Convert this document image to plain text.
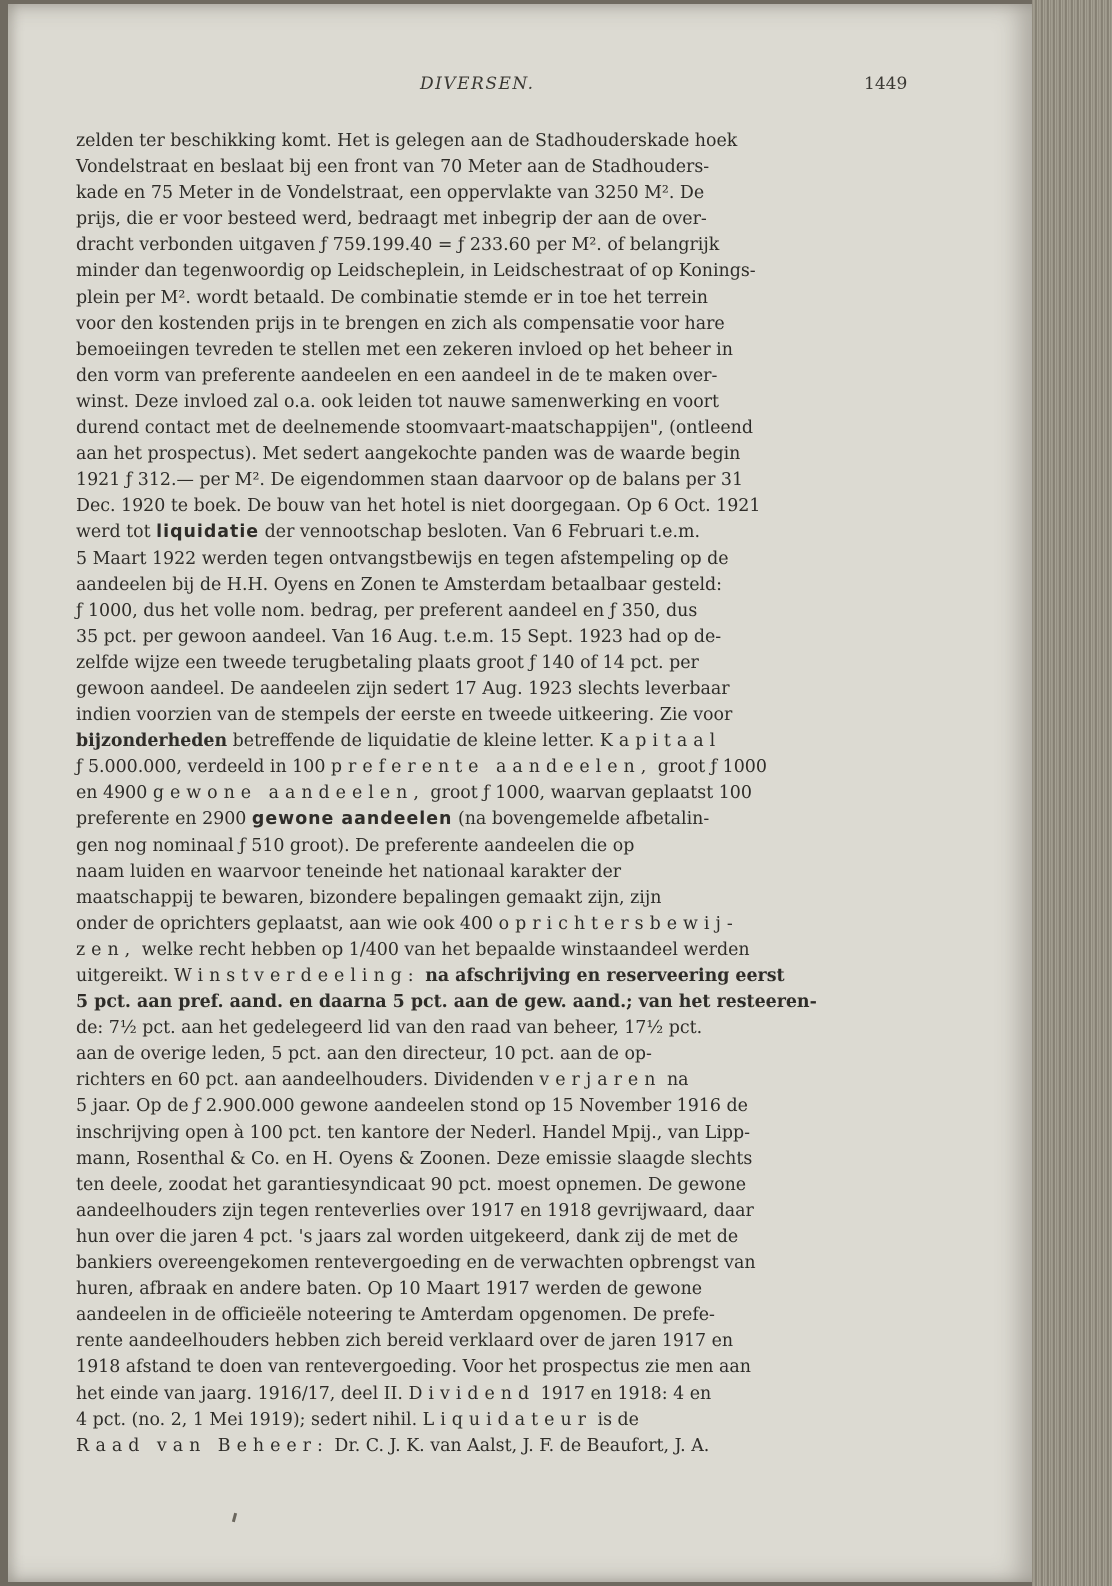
DIVERSEN.	1449
zelden ter beschikking komt. Het is gelegen aan de Stadhouderskade hoek
Vondelstraat en beslaat bij een front van 70 Meter aan de Stadhouders-
kade en 75 Meter in de Vondelstraat, een oppervlakte van 3250 M². De
prijs, die er voor besteed werd, bedraagt met inbegrip der aan de over-
dracht verbonden uitgaven ƒ 759.199.40 = ƒ 233.60 per M². of belangrijk
minder dan tegenwoordig op Leidscheplein, in Leidschestraat of op Konings-
plein per M². wordt betaald. De combinatie stemde er in toe het terrein
voor den kostenden prijs in te brengen en zich als compensatie voor hare
bemoeiingen tevreden te stellen met een zekeren invloed op het beheer in
den vorm van preferente aandeelen en een aandeel in de te maken over-
winst. Deze invloed zal o.a. ook leiden tot nauwe samenwerking en voort
durend contact met de deelnemende stoomvaart-maatschappijen", (ontleend
aan het prospectus). Met sedert aangekochte panden was de waarde begin
1921 ƒ 312.— per M². De eigendommen staan daarvoor op de balans per 31
Dec. 1920 te boek. De bouw van het hotel is niet doorgegaan. Op 6 Oct. 1921
werd tot liquidatie der vennootschap besloten. Van 6 Februari t.e.m.
5 Maart 1922 werden tegen ontvangstbewijs en tegen afstempeling op de
aandeelen bij de H.H. Oyens en Zonen te Amsterdam betaalbaar gesteld:
ƒ 1000, dus het volle nom. bedrag, per preferent aandeel en ƒ 350, dus
35 pct. per gewoon aandeel. Van 16 Aug. t.e.m. 15 Sept. 1923 had op de-
zelfde wijze een tweede terugbetaling plaats groot ƒ 140 of 14 pct. per
gewoon aandeel. De aandeelen zijn sedert 17 Aug. 1923 slechts leverbaar
indien voorzien van de stempels der eerste en tweede uitkeering. Zie voor
bijzonderheden betreffende de liquidatie de kleine letter. Kapitaal
ƒ 5.000.000, verdeeld in 100 preferente aandeelen, groot ƒ 1000
en 4900 gewone aandeelen, groot ƒ 1000, waarvan geplaatst 100
preferente en 2900 gewone aandeelen (na bovengemelde afbetalin-
gen nog nominaal ƒ 510 groot). De preferente aandeelen die op
naam luiden en waarvoor teneinde het nationaal karakter der
maatschappij te bewaren, bizondere bepalingen gemaakt zijn, zijn
onder de oprichters geplaatst, aan wie ook 400 oprichtersbewij-
zen, welke recht hebben op 1/400 van het bepaalde winstaandeel werden
uitgereikt. Winstverdeeling: na afschrijving en reserveering eerst
5 pct. aan pref. aand. en daarna 5 pct. aan de gew. aand.; van het resteeren-
de: 7½ pct. aan het gedelegeerd lid van den raad van beheer, 17½ pct.
aan de overige leden, 5 pct. aan den directeur, 10 pct. aan de op-
richters en 60 pct. aan aandeelhouders. Dividenden verjaren na
5 jaar. Op de ƒ 2.900.000 gewone aandeelen stond op 15 November 1916 de
inschrijving open à 100 pct. ten kantore der Nederl. Handel Mpij., van Lipp-
mann, Rosenthal & Co. en H. Oyens & Zoonen. Deze emissie slaagde slechts
ten deele, zoodat het garantiesyndicaat 90 pct. moest opnemen. De gewone
aandeelhouders zijn tegen renteverlies over 1917 en 1918 gevrijwaard, daar
hun over die jaren 4 pct. 's jaars zal worden uitgekeerd, dank zij de met de
bankiers overeengekomen rentevergoeding en de verwachten opbrengst van
huren, afbraak en andere baten. Op 10 Maart 1917 werden de gewone
aandeelen in de officieële noteering te Amterdam opgenomen. De prefe-
rente aandeelhouders hebben zich bereid verklaard over de jaren 1917 en
1918 afstand te doen van rentevergoeding. Voor het prospectus zie men aan
het einde van jaarg. 1916/17, deel II. Dividend 1917 en 1918: 4 en
4 pct. (no. 2, 1 Mei 1919); sedert nihil. Liquidateur is de
Raad van Beheer: Dr. C. J. K. van Aalst, J. F. de Beaufort, J. A.
